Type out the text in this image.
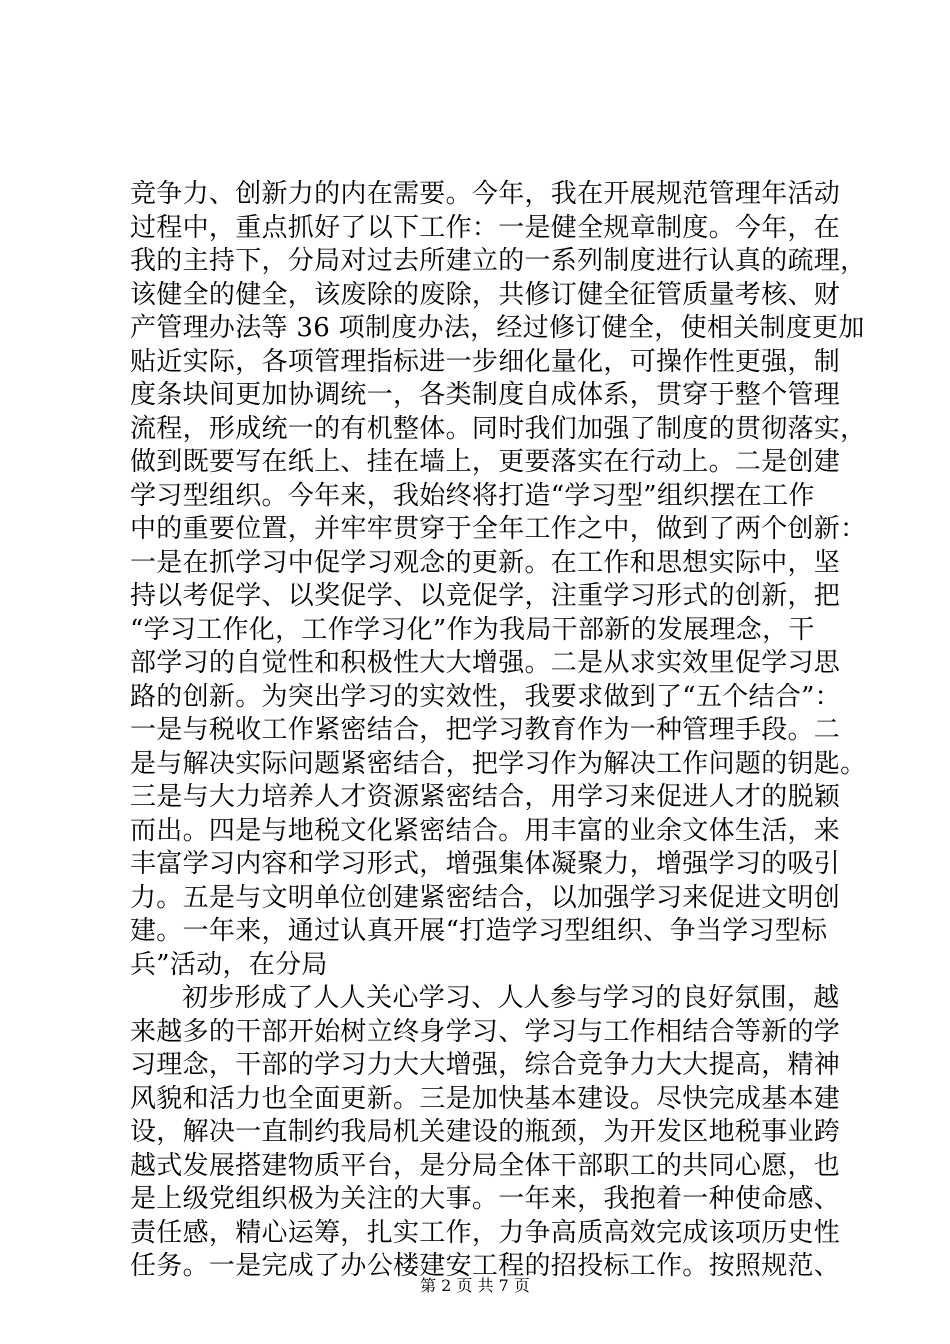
竞争力、创新力的内在需要。今年，我在开展规范管理年活动
过程中，重点抓好了以下工作：一是健全规章制度。今年，在
我的主持下，分局对过去所建立的一系列制度进行认真的疏理，
该健全的健全，该废除的废除，共修订健全征管质量考核、财
产管理办法等 36 项制度办法，经过修订健全，使相关制度更加
贴近实际，各项管理指标进一步细化量化，可操作性更强，制
度条块间更加协调统一，各类制度自成体系，贯穿于整个管理
流程，形成统一的有机整体。同时我们加强了制度的贯彻落实，
做到既要写在纸上、挂在墙上，更要落实在行动上。二是创建
学习型组织。今年来，我始终将打造“学习型”组织摆在工作
中的重要位置，并牢牢贯穿于全年工作之中，做到了两个创新：
一是在抓学习中促学习观念的更新。在工作和思想实际中，坚
持以考促学、以奖促学、以竞促学，注重学习形式的创新，把
“学习工作化，工作学习化”作为我局干部新的发展理念，干
部学习的自觉性和积极性大大增强。二是从求实效里促学习思
路的创新。为突出学习的实效性，我要求做到了“五个结合”：
一是与税收工作紧密结合，把学习教育作为一种管理手段。二
是与解决实际问题紧密结合，把学习作为解决工作问题的钥匙。
三是与大力培养人才资源紧密结合，用学习来促进人才的脱颖
而出。四是与地税文化紧密结合。用丰富的业余文体生活，来
丰富学习内容和学习形式，增强集体凝聚力，增强学习的吸引
力。五是与文明单位创建紧密结合，以加强学习来促进文明创
建。一年来，通过认真开展“打造学习型组织、争当学习型标
兵”活动，在分局
初步形成了人人关心学习、人人参与学习的良好氛围，越
来越多的干部开始树立终身学习、学习与工作相结合等新的学
习理念，干部的学习力大大增强，综合竞争力大大提高，精神
风貌和活力也全面更新。三是加快基本建设。尽快完成基本建
设，解决一直制约我局机关建设的瓶颈，为开发区地税事业跨
越式发展搭建物质平台，是分局全体干部职工的共同心愿，也
是上级党组织极为关注的大事。一年来，我抱着一种使命感、
责任感，精心运筹，扎实工作，力争高质高效完成该项历史性
任务。一是完成了办公楼建安工程的招投标工作。按照规范、
第 2 页 共 7 页
